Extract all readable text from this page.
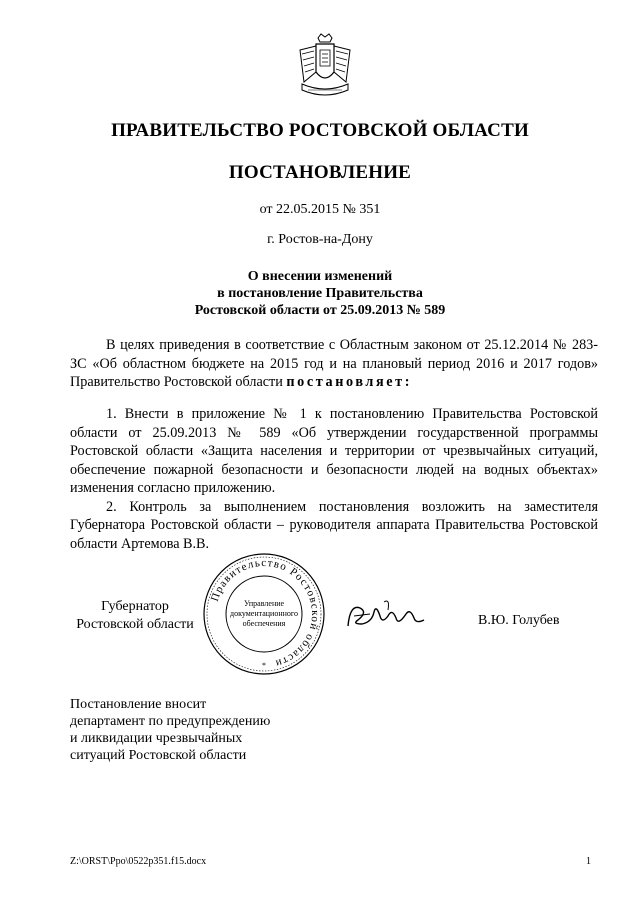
ПРАВИТЕЛЬСТВО РОСТОВСКОЙ ОБЛАСТИ
ПОСТАНОВЛЕНИЕ
от 22.05.2015 № 351
г. Ростов-на-Дону
О внесении изменений
в постановление Правительства
Ростовской области от 25.09.2013 № 589
В целях приведения в соответствие с Областным законом от 25.12.2014 № 283-ЗС «Об областном бюджете на 2015 год и на плановый период 2016 и 2017 годов» Правительство Ростовской области постановляет:
1. Внести в приложение № 1 к постановлению Правительства Ростовской области от 25.09.2013 № 589 «Об утверждении государственной программы Ростовской области «Защита населения и территории от чрезвычайных ситуаций, обеспечение пожарной безопасности и безопасности людей на водных объектах» изменения согласно приложению.
2. Контроль за выполнением постановления возложить на заместителя Губернатора Ростовской области – руководителя аппарата Правительства Ростовской области Артемова В.В.
Губернатор
Ростовской области
Правительство Ростовской области
Управление
документационного
обеспечения
*
В.Ю. Голубев
Постановление вносит
департамент по предупреждению
и ликвидации чрезвычайных
ситуаций Ростовской области
Z:\ORST\Ppo\0522p351.f15.docx	1
